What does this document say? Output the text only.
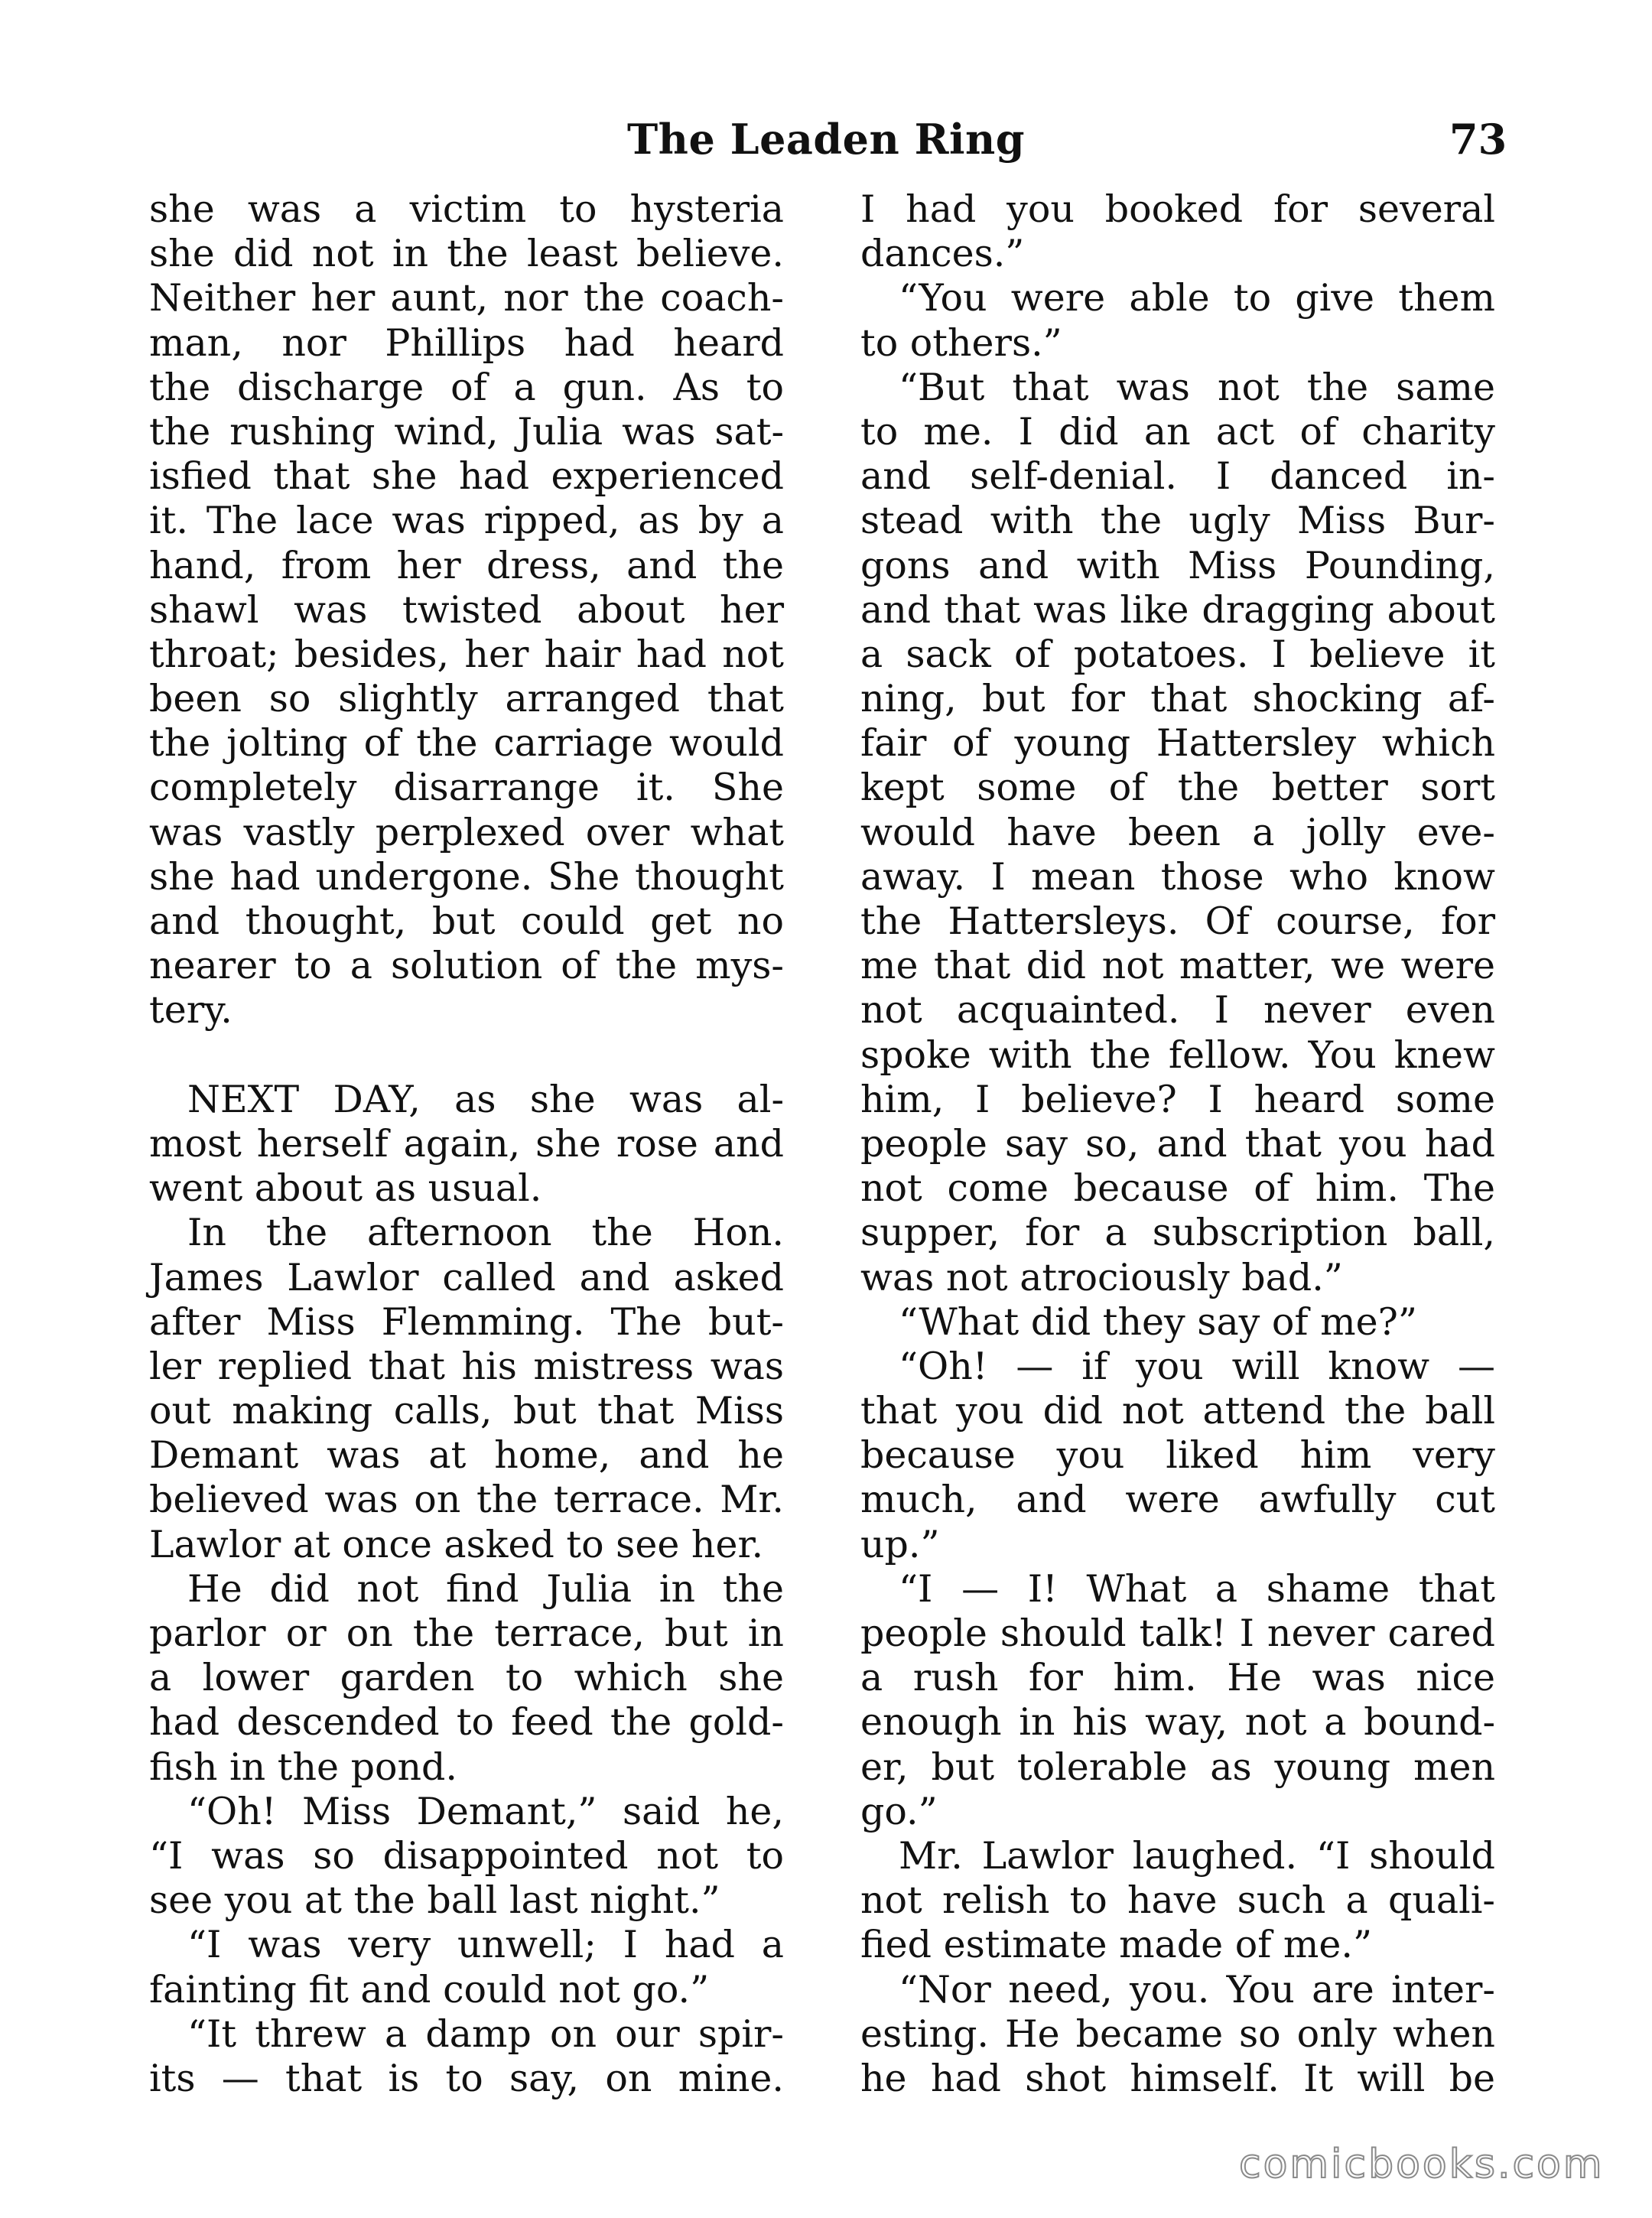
The Leaden Ring	73
she was a victim to hysteria
she did not in the least believe.
Neither her aunt, nor the coach-
man, nor Phillips had heard
the discharge of a gun. As to
the rushing wind, Julia was sat-
isfied that she had experienced
it. The lace was ripped, as by a
hand, from her dress, and the
shawl was twisted about her
throat; besides, her hair had not
been so slightly arranged that
the jolting of the carriage would
completely disarrange it. She
was vastly perplexed over what
she had undergone. She thought
and thought, but could get no
nearer to a solution of the mys-
tery.
NEXT DAY, as she was al-
most herself again, she rose and
went about as usual.
In the afternoon the Hon.
James Lawlor called and asked
after Miss Flemming. The but-
ler replied that his mistress was
out making calls, but that Miss
Demant was at home, and he
believed was on the terrace. Mr.
Lawlor at once asked to see her.
He did not find Julia in the
parlor or on the terrace, but in
a lower garden to which she
had descended to feed the gold-
fish in the pond.
“Oh! Miss Demant,” said he,
“I was so disappointed not to
see you at the ball last night.”
“I was very unwell; I had a
fainting fit and could not go.”
“It threw a damp on our spir-
its — that is to say, on mine.
I had you booked for several
dances.”
“You were able to give them
to others.”
“But that was not the same
to me. I did an act of charity
and self-denial. I danced in-
stead with the ugly Miss Bur-
gons and with Miss Pounding,
and that was like dragging about
a sack of potatoes. I believe it
ning, but for that shocking af-
fair of young Hattersley which
kept some of the better sort
would have been a jolly eve-
away. I mean those who know
the Hattersleys. Of course, for
me that did not matter, we were
not acquainted. I never even
spoke with the fellow. You knew
him, I believe? I heard some
people say so, and that you had
not come because of him. The
supper, for a subscription ball,
was not atrociously bad.”
“What did they say of me?”
“Oh! — if you will know —
that you did not attend the ball
because you liked him very
much, and were awfully cut
up.”
“I — I! What a shame that
people should talk! I never cared
a rush for him. He was nice
enough in his way, not a bound-
er, but tolerable as young men
go.”
Mr. Lawlor laughed. “I should
not relish to have such a quali-
fied estimate made of me.”
“Nor need, you. You are inter-
esting. He became so only when
he had shot himself. It will be
comicbooks.com
